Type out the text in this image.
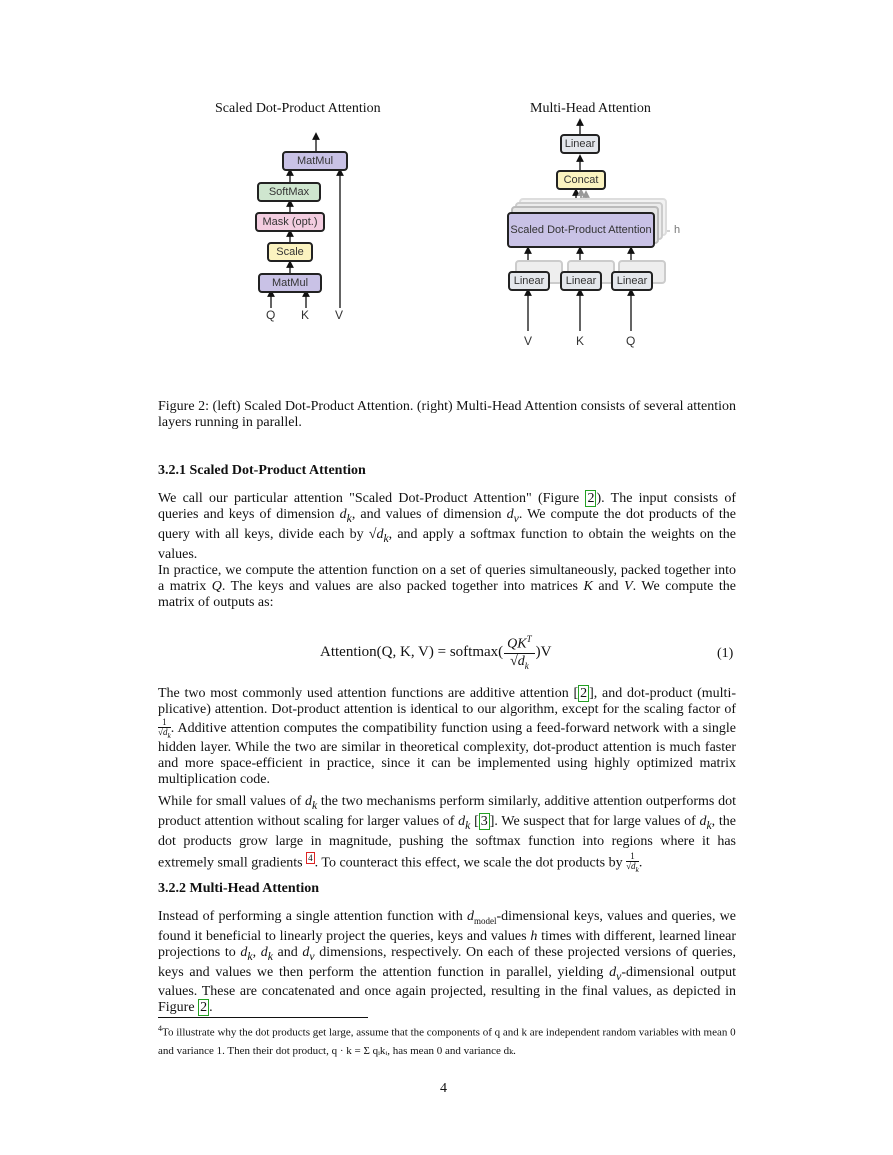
Scaled Dot-Product Attention
MatMul
SoftMax
Mask (opt.)
Scale
MatMul
Q K V
Multi-Head Attention
Linear
Concat
Scaled Dot-Product Attention	h
Linear	Linear	Linear
V	K	Q
Figure 2: (left) Scaled Dot-Product Attention. (right) Multi-Head Attention consists of several attention layers running in parallel.
3.2.1 Scaled Dot-Product Attention
We call our particular attention "Scaled Dot-Product Attention" (Figure 2 ). The input consists of queries and keys of dimension $d_k$, and values of dimension $d_v$. We compute the dot products of the query with all keys, divide each by $√d_k$, and apply a softmax function to obtain the weights on the values.
In practice, we compute the attention function on a set of queries simultaneously, packed together into a matrix Q. The keys and values are also packed together into matrices K and V. We compute the matrix of outputs as:
Attention(Q, K, V) = softmax( $QK^T$
$√d_k$
)V	(1)
The two most commonly used attention functions are additive attention [ 2 ], and dot-product (multi-plicative) attention. Dot-product attention is identical to our algorithm, except for the scaling factor of
$\frac{1}{√d_k}$ . Additive attention computes the compatibility function using a feed-forward network with a single hidden layer. While the two are similar in theoretical complexity, dot-product attention is much faster and more space-efficient in practice, since it can be implemented using highly optimized matrix multiplication code.
While for small values of $d_k$ the two mechanisms perform similarly, additive attention outperforms dot product attention without scaling for larger values of $d_k$ [ 3 ]. We suspect that for large values of $d_k$, the dot products grow large in magnitude, pushing the softmax function into regions where it has extremely small gradients $^4$ . To counteract this effect, we scale the dot products by $\frac{1}{√d_k}$ .
3.2.2 Multi-Head Attention
Instead of performing a single attention function with $d_{model}$-dimensional keys, values and queries, we found it beneficial to linearly project the queries, keys and values h times with different, learned linear projections to $d_k$, $d_k$ and $d_v$ dimensions, respectively. On each of these projected versions of queries, keys and values we then perform the attention function in parallel, yielding $d_v$-dimensional output values. These are concatenated and once again projected, resulting in the final values, as depicted in Figure 2 .
$^4$To illustrate why the dot products get large, assume that the components of q and k are independent random variables with mean 0 and variance 1. Then their dot product, q · k = Σ qᵢkᵢ, has mean 0 and variance dₖ.
4
